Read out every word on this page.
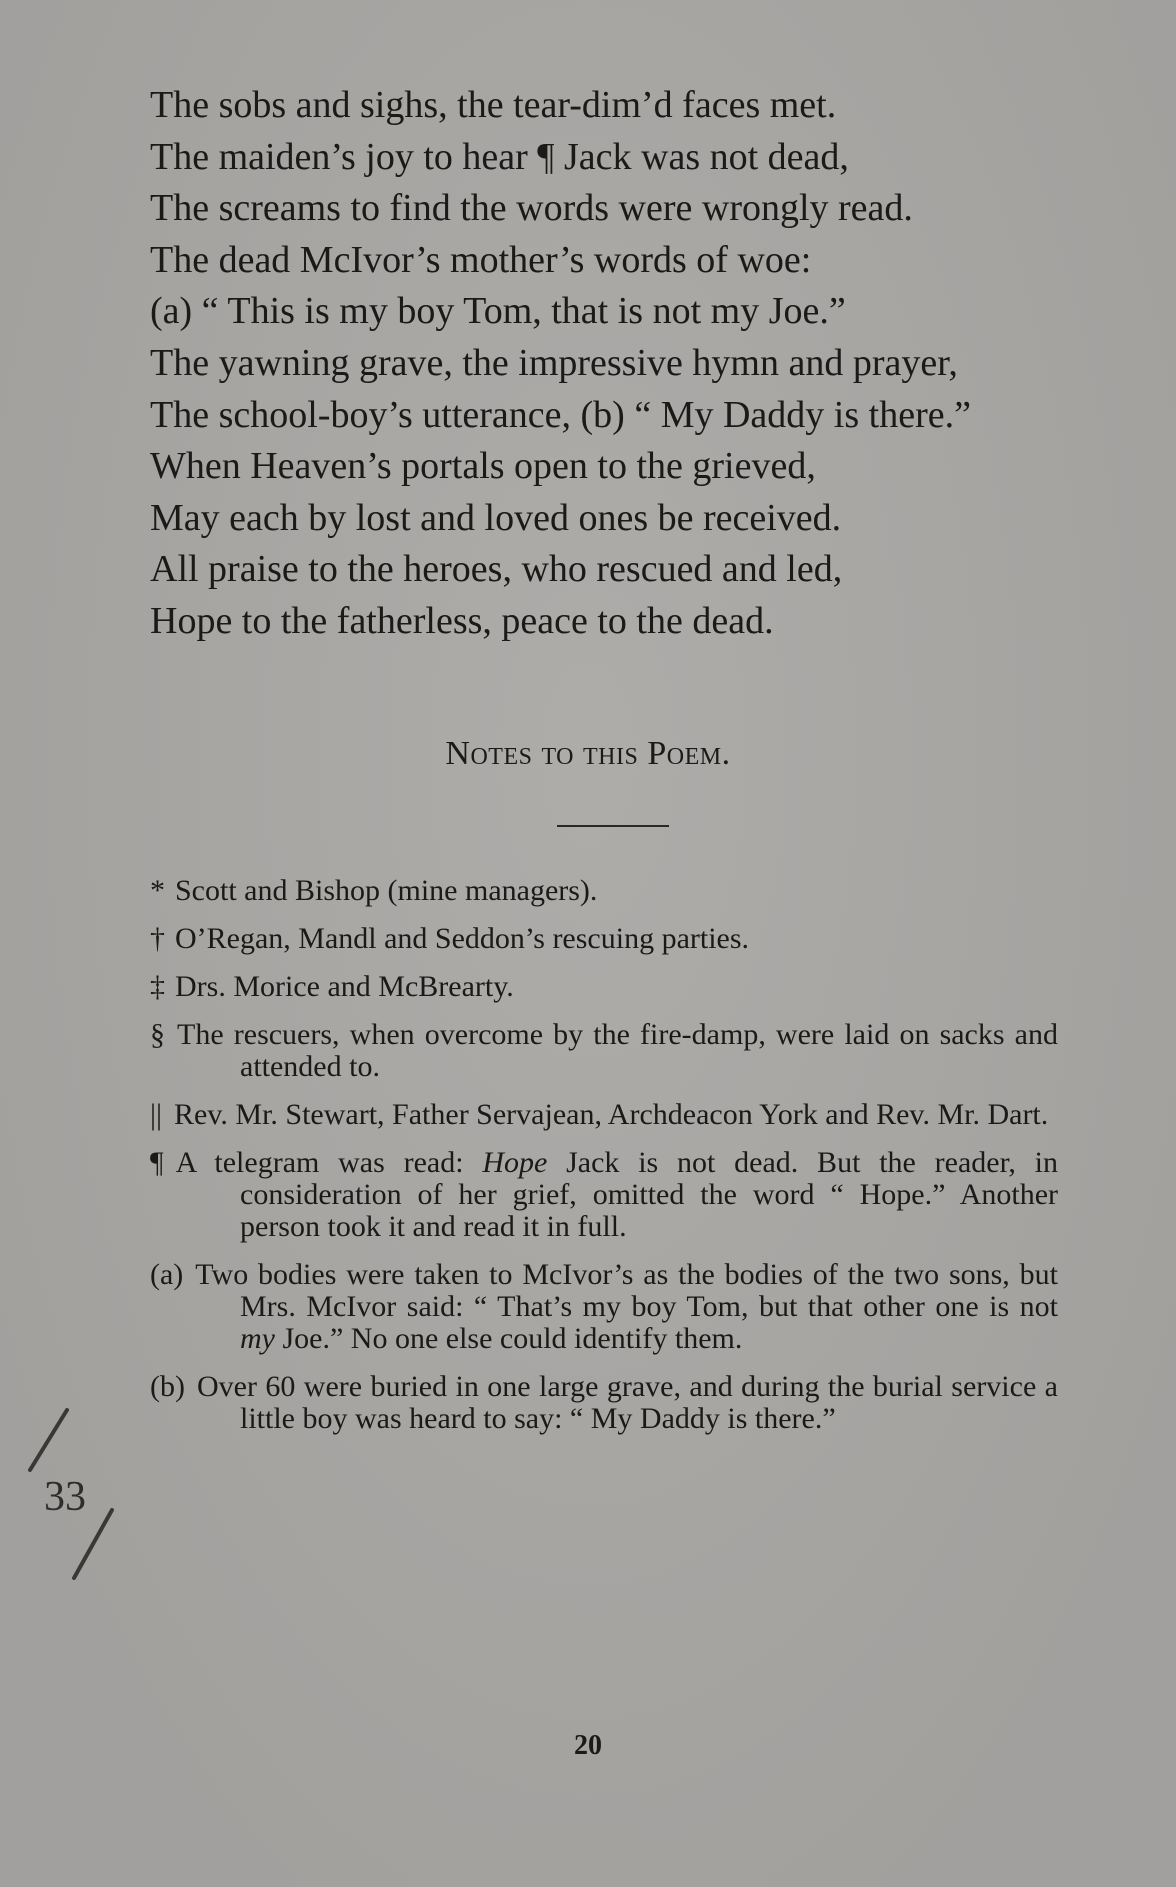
The sobs and sighs, the tear-dim’d faces met.
The maiden’s joy to hear ¶ Jack was not dead,
The screams to find the words were wrongly read.
The dead McIvor’s mother’s words of woe:
(a) “ This is my boy Tom, that is not my Joe.”
The yawning grave, the impressive hymn and prayer,
The school-boy’s utterance, (b) “ My Daddy is there.”
When Heaven’s portals open to the grieved,
May each by lost and loved ones be received.
All praise to the heroes, who rescued and led,
Hope to the fatherless, peace to the dead.
Notes to this Poem.
* Scott and Bishop (mine managers).
† O’Regan, Mandl and Seddon’s rescuing parties.
‡ Drs. Morice and McBrearty.
§ The rescuers, when overcome by the fire-damp, were laid on sacks and attended to.
|| Rev. Mr. Stewart, Father Servajean, Archdeacon York and Rev. Mr. Dart.
¶ A telegram was read: Hope Jack is not dead. But the reader, in consideration of her grief, omitted the word “ Hope.” Another person took it and read it in full.
(a) Two bodies were taken to McIvor’s as the bodies of the two sons, but Mrs. McIvor said: “ That’s my boy Tom, but that other one is not my Joe.” No one else could identify them.
(b) Over 60 were buried in one large grave, and during the burial service a little boy was heard to say: “ My Daddy is there.”
33
20
